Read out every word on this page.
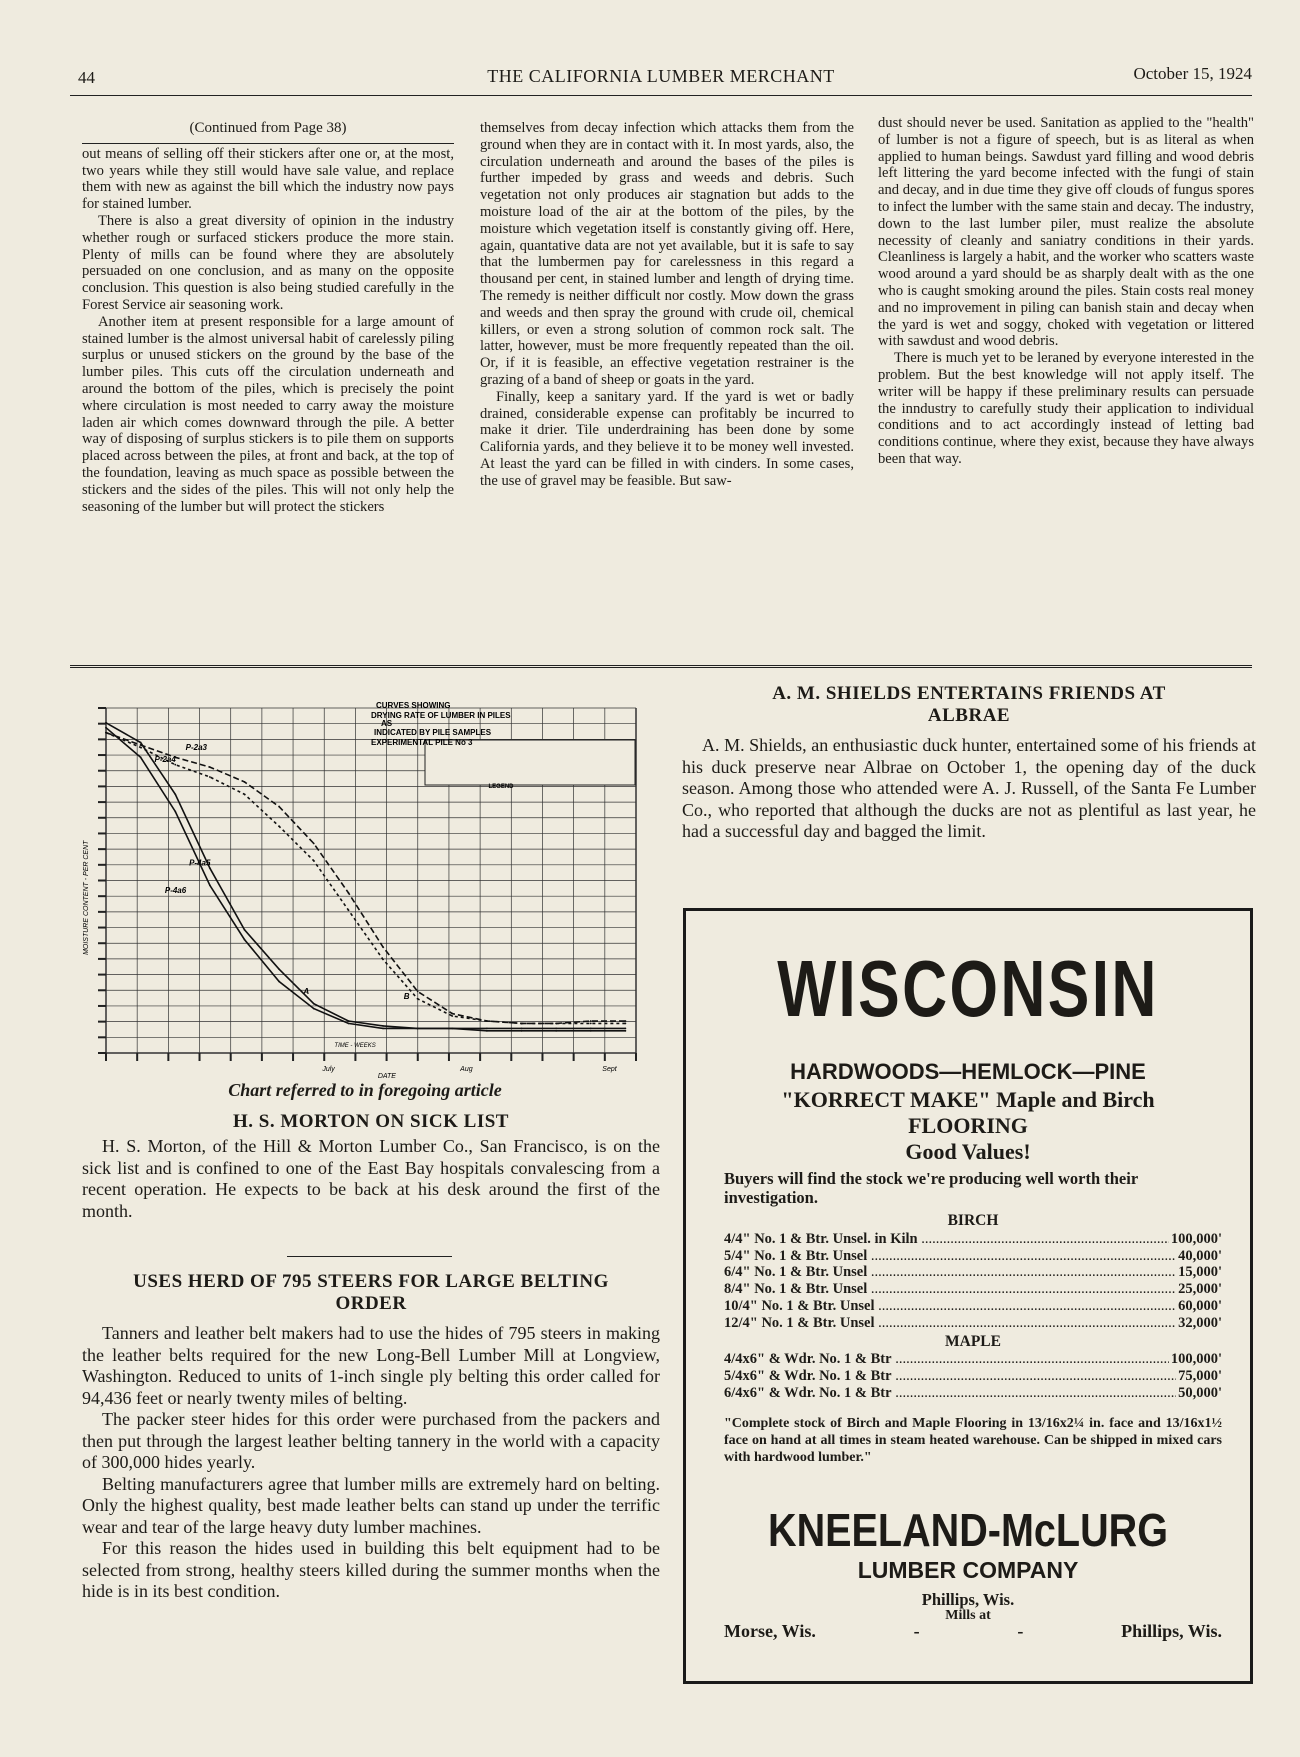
44	THE CALIFORNIA LUMBER MERCHANT	October 15, 1924
(Continued from Page 38)

out means of selling off their stickers after one or, at the most, two years while they still would have sale value, and replace them with new as against the bill which the industry now pays for stained lumber.

There is also a great diversity of opinion in the industry whether rough or surfaced stickers produce the more stain. Plenty of mills can be found where they are absolutely persuaded on one conclusion, and as many on the opposite conclusion. This question is also being studied carefully in the Forest Service air seasoning work.

Another item at present responsible for a large amount of stained lumber is the almost universal habit of carelessly piling surplus or unused stickers on the ground by the base of the lumber piles. This cuts off the circulation underneath and around the bottom of the piles, which is precisely the point where circulation is most needed to carry away the moisture laden air which comes downward through the pile. A better way of disposing of surplus stickers is to pile them on supports placed across between the piles, at front and back, at the top of the foundation, leaving as much space as possible between the stickers and the sides of the piles. This will not only help the seasoning of the lumber but will protect the stickers

themselves from decay infection which attacks them from the ground when they are in contact with it. In most yards, also, the circulation underneath and around the bases of the piles is further impeded by grass and weeds and debris. Such vegetation not only produces air stagnation but adds to the moisture load of the air at the bottom of the piles, by the moisture which vegetation itself is constantly giving off. Here, again, quantative data are not yet available, but it is safe to say that the lumbermen pay for carelessness in this regard a thousand per cent, in stained lumber and length of drying time. The remedy is neither difficult nor costly. Mow down the grass and weeds and then spray the ground with crude oil, chemical killers, or even a strong solution of common rock salt. The latter, however, must be more frequently repeated than the oil. Or, if it is feasible, an effective vegetation restrainer is the grazing of a band of sheep or goats in the yard.

Finally, keep a sanitary yard. If the yard is wet or badly drained, considerable expense can profitably be incurred to make it drier. Tile underdraining has been done by some California yards, and they believe it to be money well invested. At least the yard can be filled in with cinders. In some cases, the use of gravel may be feasible. But saw-

dust should never be used. Sanitation as applied to the "health" of lumber is not a figure of speech, but is as literal as when applied to human beings. Sawdust yard filling and wood debris left littering the yard become infected with the fungi of stain and decay, and in due time they give off clouds of fungus spores to infect the lumber with the same stain and decay. The industry, down to the last lumber piler, must realize the absolute necessity of cleanly and saniatry conditions in their yards. Cleanliness is largely a habit, and the worker who scatters waste wood around a yard should be as sharply dealt with as the one who is caught smoking around the piles. Stain costs real money and no improvement in piling can banish stain and decay when the yard is wet and soggy, choked with vegetation or littered with sawdust and wood debris.

There is much yet to be leraned by everyone interested in the problem. But the best knowledge will not apply itself. The writer will be happy if these preliminary results can persuade the inndustry to carefully study their application to individual conditions and to act accordingly instead of letting bad conditions continue, where they exist, because they have always been that way.

MOISTURE CONTENT - PER CENT
DATE
TIME - WEEKS
July	Aug	Sept
CURVES SHOWING
DRYING RATE OF LUMBER IN PILES
AS
INDICATED BY PILE SAMPLES
EXPERIMENTAL PILE No 3
LEGEND
P-2a3
P-2a4
P-4a5
P-4a6
A
B
Chart referred to in foregoing article
H. S. MORTON ON SICK LIST

H. S. Morton, of the Hill & Morton Lumber Co., San Francisco, is on the sick list and is confined to one of the East Bay hospitals convalescing from a recent operation. He expects to be back at his desk around the first of the month.

USES HERD OF 795 STEERS FOR LARGE BELTING ORDER

Tanners and leather belt makers had to use the hides of 795 steers in making the leather belts required for the new Long-Bell Lumber Mill at Longview, Washington. Reduced to units of 1-inch single ply belting this order called for 94,436 feet or nearly twenty miles of belting.

The packer steer hides for this order were purchased from the packers and then put through the largest leather belting tannery in the world with a capacity of 300,000 hides yearly.

Belting manufacturers agree that lumber mills are extremely hard on belting. Only the highest quality, best made leather belts can stand up under the terrific wear and tear of the large heavy duty lumber machines.

For this reason the hides used in building this belt equipment had to be selected from strong, healthy steers killed during the summer months when the hide is in its best condition.

A. M. SHIELDS ENTERTAINS FRIENDS AT ALBRAE

A. M. Shields, an enthusiastic duck hunter, entertained some of his friends at his duck preserve near Albrae on October 1, the opening day of the duck season. Among those who attended were A. J. Russell, of the Santa Fe Lumber Co., who reported that although the ducks are not as plentiful as last year, he had a successful day and bagged the limit.

WISCONSIN
HARDWOODS—HEMLOCK—PINE
"KORRECT MAKE" Maple and Birch
FLOORING
Good Values!
Buyers will find the stock we're producing well worth their investigation.
BIRCH
4/4" No. 1 & Btr. Unsel. in Kiln .....	100,000'
5/4" No. 1 & Btr. Unsel .....	40,000'
6/4" No. 1 & Btr. Unsel .....	15,000'
8/4" No. 1 & Btr. Unsel .....	25,000'
10/4" No. 1 & Btr. Unsel .....	60,000'
12/4" No. 1 & Btr. Unsel .....	32,000'
MAPLE
4/4x6" & Wdr. No. 1 & Btr .....	100,000'
5/4x6" & Wdr. No. 1 & Btr .....	75,000'
6/4x6" & Wdr. No. 1 & Btr .....	50,000'
"Complete stock of Birch and Maple Flooring in 13/16x2¼ in. face and 13/16x1½ face on hand at all times in steam heated warehouse. Can be shipped in mixed cars with hardwood lumber."
KNEELAND-McLURG
LUMBER COMPANY
Phillips, Wis.
Mills at
Morse, Wis.	-	-	Phillips, Wis.
